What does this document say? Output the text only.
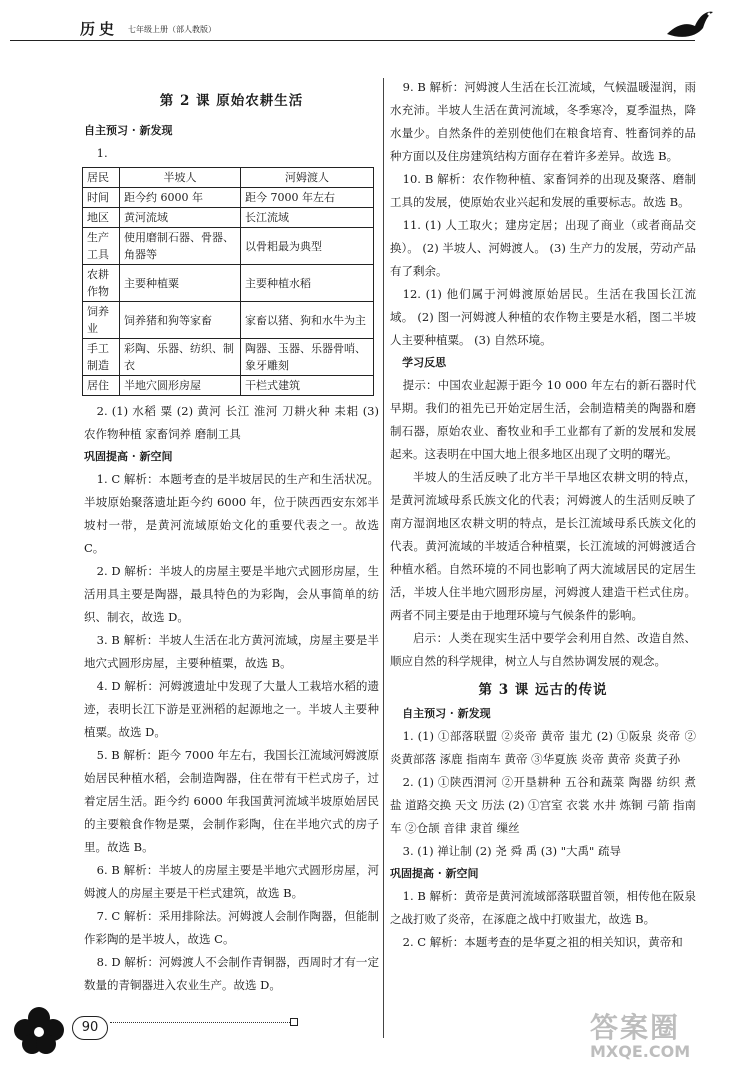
历史 七年级上册（部人教版）

第 2 课 原始农耕生活

自主预习 · 新发现

1.

居民	半坡人	河姆渡人
时间	距今约 6000 年	距今 7000 年左右
地区	黄河流域	长江流域
生产工具	使用磨制石器、骨器、角器等	以骨耜最为典型
农耕作物	主要种植粟	主要种植水稻
饲养业	饲养猪和狗等家畜	家畜以猪、狗和水牛为主
手工制造	彩陶、乐器、纺织、制衣	陶器、玉器、乐器骨哨、象牙雕刻
居住	半地穴圆形房屋	干栏式建筑

2. (1) 水稻 粟 (2) 黄河 长江 淮河 刀耕火种 耒耜 (3) 农作物种植 家畜饲养 磨制工具

巩固提高 · 新空间

1. C 解析：本题考查的是半坡居民的生产和生活状况。半坡原始聚落遗址距今约 6000 年，位于陕西西安东郊半坡村一带，是黄河流域原始文化的重要代表之一。故选 C。

2. D 解析：半坡人的房屋主要是半地穴式圆形房屋，生活用具主要是陶器，最具特色的为彩陶，会从事简单的纺织、制衣，故选 D。

3. B 解析：半坡人生活在北方黄河流域，房屋主要是半地穴式圆形房屋，主要种植粟，故选 B。

4. D 解析：河姆渡遗址中发现了大量人工栽培水稻的遗迹，表明长江下游是亚洲稻的起源地之一。半坡人主要种植粟。故选 D。

5. B 解析：距今 7000 年左右，我国长江流域河姆渡原始居民种植水稻，会制造陶器，住在带有干栏式房子，过着定居生活。距今约 6000 年我国黄河流域半坡原始居民的主要粮食作物是粟，会制作彩陶，住在半地穴式的房子里。故选 B。

6. B 解析：半坡人的房屋主要是半地穴式圆形房屋，河姆渡人的房屋主要是干栏式建筑，故选 B。

7. C 解析：采用排除法。河姆渡人会制作陶器，但能制作彩陶的是半坡人，故选 C。

8. D 解析：河姆渡人不会制作青铜器，西周时才有一定数量的青铜器进入农业生产。故选 D。

9. B 解析：河姆渡人生活在长江流域，气候温暖湿润，雨水充沛。半坡人生活在黄河流域，冬季寒冷，夏季温热，降水量少。自然条件的差别使他们在粮食培育、牲畜饲养的品种方面以及住房建筑结构方面存在着许多差异。故选 B。

10. B 解析：农作物种植、家畜饲养的出现及聚落、磨制工具的发展，使原始农业兴起和发展的重要标志。故选 B。

11. (1) 人工取火；建房定居；出现了商业（或者商品交换）。 (2) 半坡人、河姆渡人。 (3) 生产力的发展，劳动产品有了剩余。

12. (1) 他们属于河姆渡原始居民。生活在我国长江流域。 (2) 图一河姆渡人种植的农作物主要是水稻，图二半坡人主要种植粟。 (3) 自然环境。

学习反思

提示：中国农业起源于距今 10 000 年左右的新石器时代早期。我们的祖先已开始定居生活，会制造精美的陶器和磨制石器，原始农业、畜牧业和手工业都有了新的发展和发展起来。这表明在中国大地上很多地区出现了文明的曙光。

半坡人的生活反映了北方半干旱地区农耕文明的特点，是黄河流域母系氏族文化的代表；河姆渡人的生活则反映了南方湿润地区农耕文明的特点，是长江流域母系氏族文化的代表。黄河流域的半坡适合种植粟，长江流域的河姆渡适合种植水稻。自然环境的不同也影响了两大流域居民的定居生活，半坡人住半地穴圆形房屋，河姆渡人建造干栏式住房。两者不同主要是由于地理环境与气候条件的影响。

启示：人类在现实生活中要学会利用自然、改造自然、顺应自然的科学规律，树立人与自然协调发展的观念。

第 3 课 远古的传说

自主预习 · 新发现

1. (1) ①部落联盟 ②炎帝 黄帝 蚩尤 (2) ①阪泉 炎帝 ②炎黄部落 涿鹿 指南车 黄帝 ③华夏族 炎帝 黄帝 炎黄子孙

2. (1) ①陕西渭河 ②开垦耕种 五谷和蔬菜 陶器 纺织 煮盐 道路交换 天文 历法 (2) ①宫室 衣裳 水井 炼铜 弓箭 指南车 ②仓颉 音律 隶首 缫丝

3. (1) 禅让制 (2) 尧 舜 禹 (3) "大禹" 疏导

巩固提高 · 新空间

1. B 解析：黄帝是黄河流域部落联盟首领，相传他在阪泉之战打败了炎帝，在涿鹿之战中打败蚩尤，故选 B。

2. C 解析：本题考查的是华夏之祖的相关知识，黄帝和

90	答案圈
MXQE.COM
